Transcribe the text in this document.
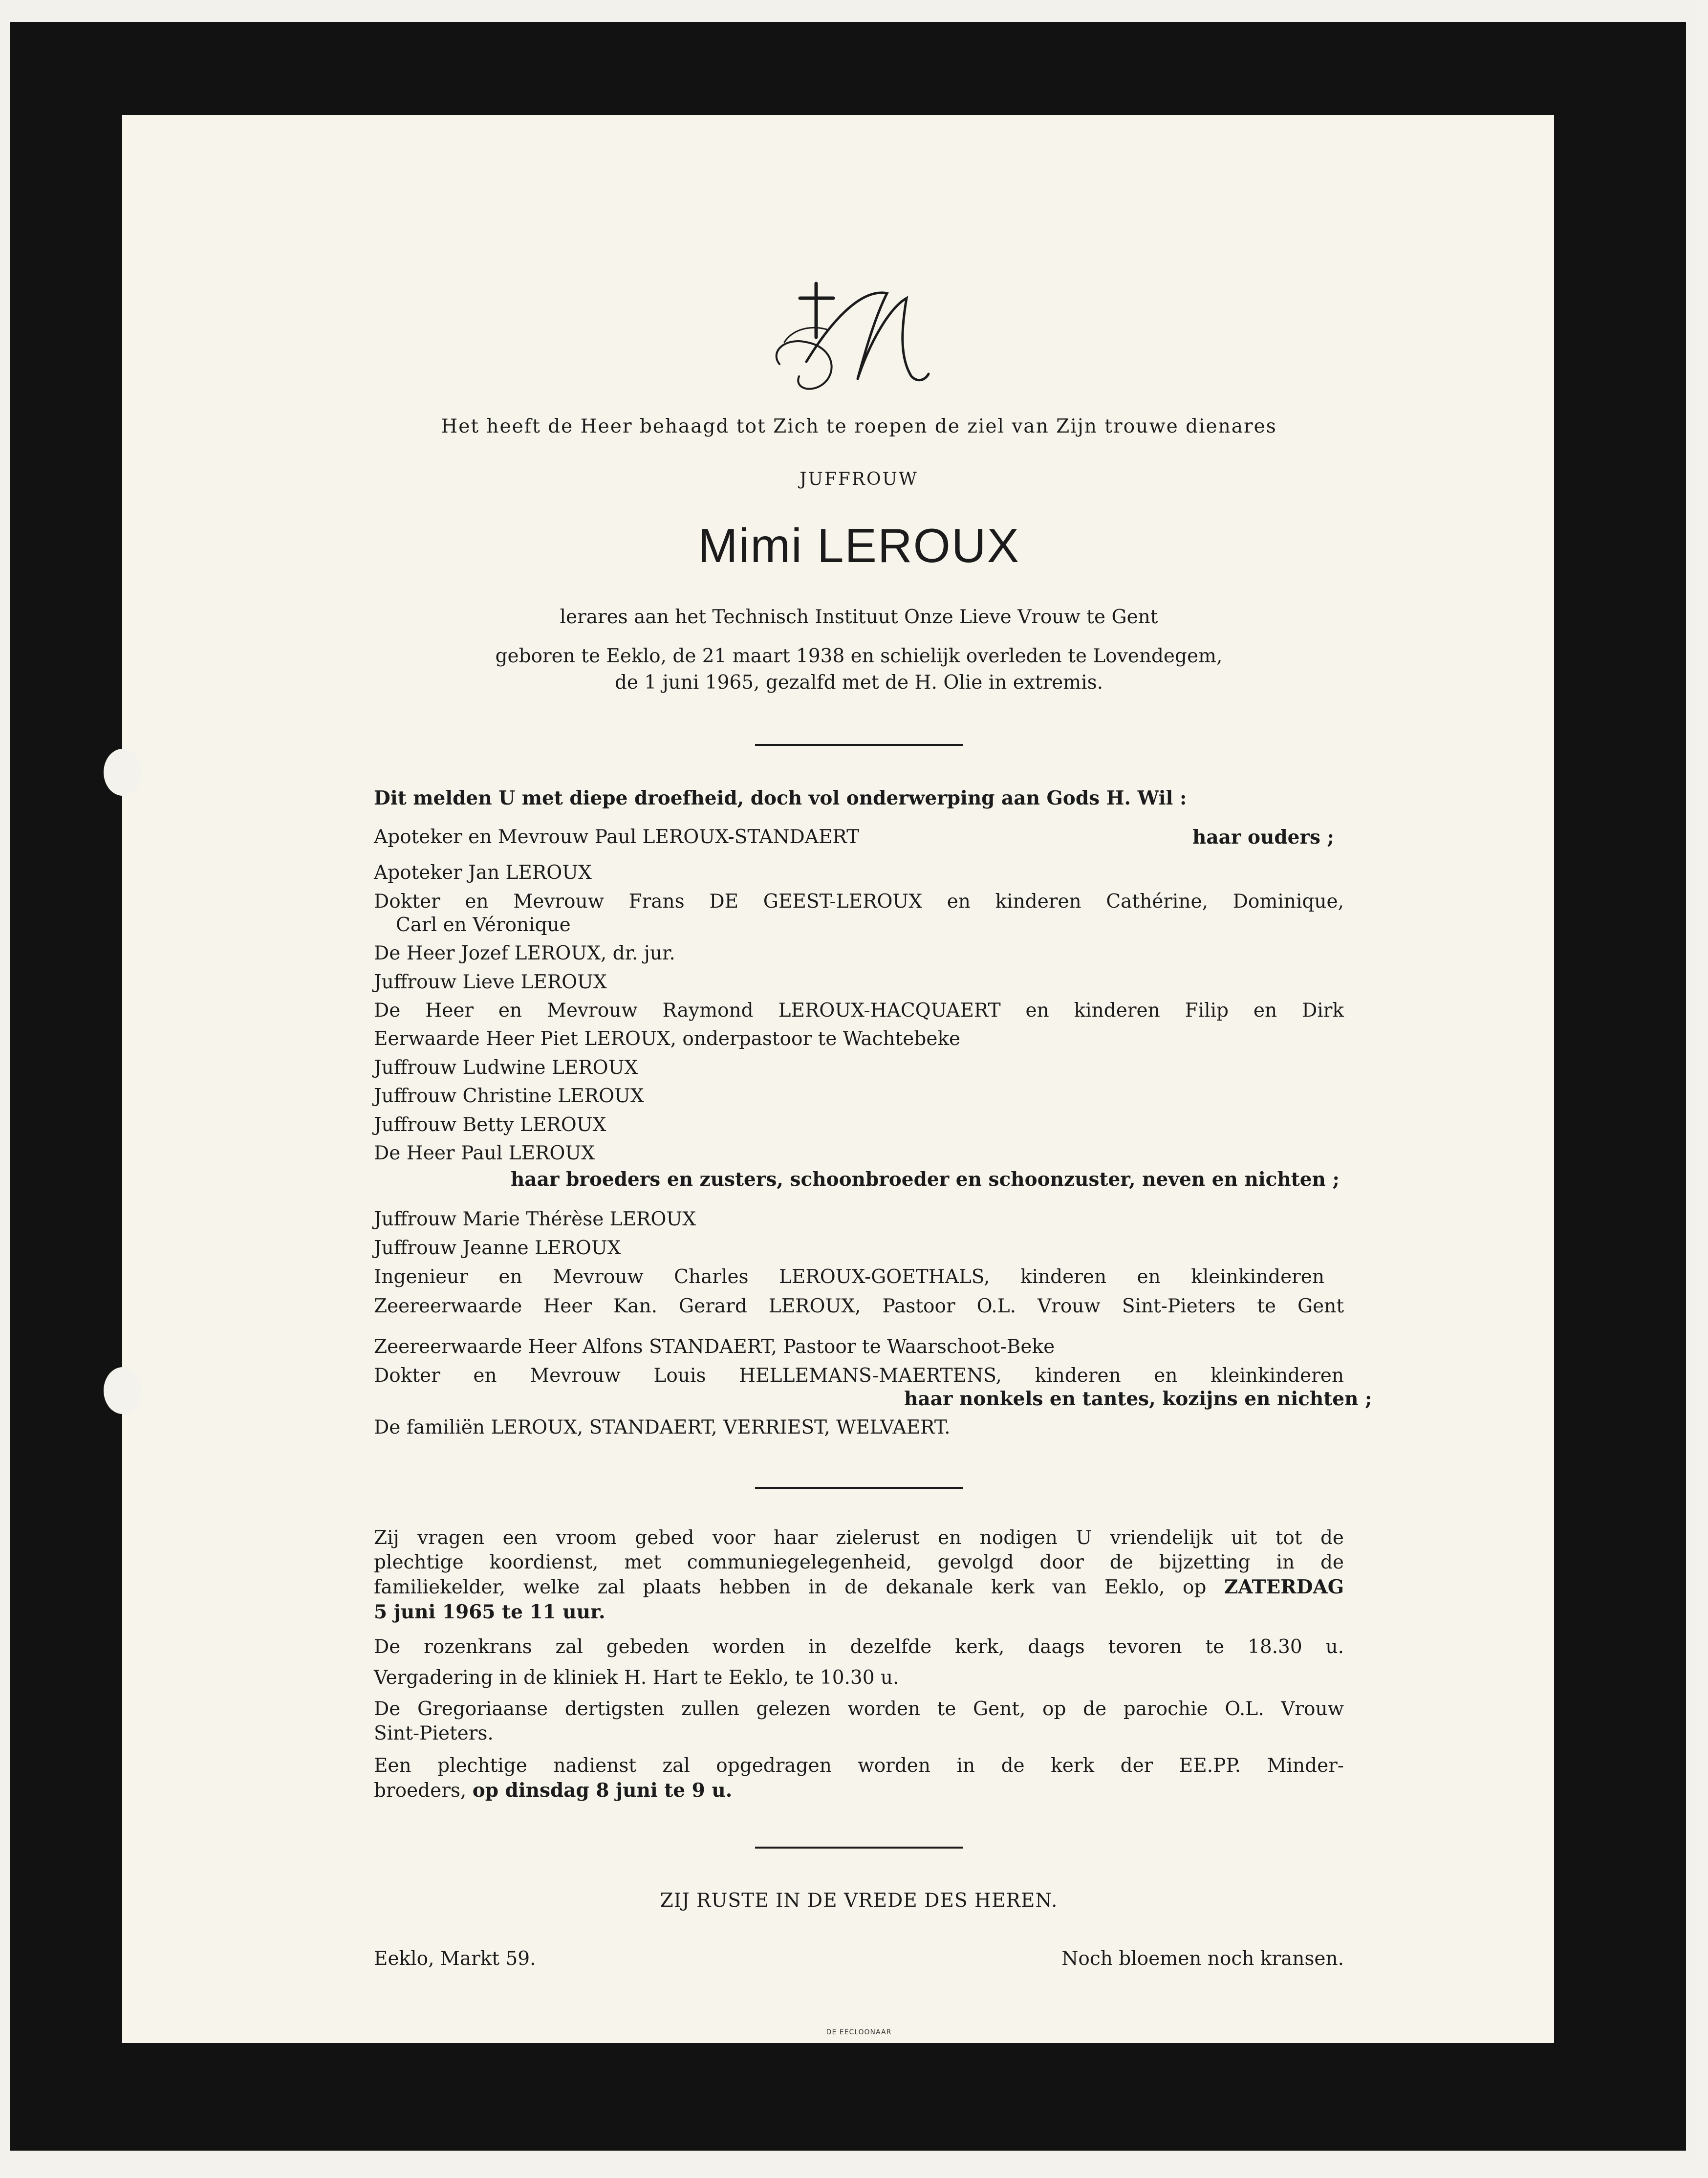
Het heeft de Heer behaagd tot Zich te roepen de ziel van Zijn trouwe dienares
JUFFROUW
Mimi LEROUX
lerares aan het Technisch Instituut Onze Lieve Vrouw te Gent
geboren te Eeklo, de 21 maart 1938 en schielijk overleden te Lovendegem,
de 1 juni 1965, gezalfd met de H. Olie in extremis.
Dit melden U met diepe droefheid, doch vol onderwerping aan Gods H. Wil :
Apoteker en Mevrouw Paul LEROUX-STANDAERT	haar ouders ;
Apoteker Jan LEROUX
Dokter en Mevrouw Frans DE GEEST-LEROUX en kinderen Cathérine, Dominique,
Carl en Véronique
De Heer Jozef LEROUX, dr. jur.
Juffrouw Lieve LEROUX
De Heer en Mevrouw Raymond LEROUX-HACQUAERT en kinderen Filip en Dirk
Eerwaarde Heer Piet LEROUX, onderpastoor te Wachtebeke
Juffrouw Ludwine LEROUX
Juffrouw Christine LEROUX
Juffrouw Betty LEROUX
De Heer Paul LEROUX
haar broeders en zusters, schoonbroeder en schoonzuster, neven en nichten ;
Juffrouw Marie Thérèse LEROUX
Juffrouw Jeanne LEROUX
Ingenieur en Mevrouw Charles LEROUX-GOETHALS, kinderen en kleinkinderen
Zeereerwaarde Heer Kan. Gerard LEROUX, Pastoor O.L. Vrouw Sint-Pieters te Gent
Zeereerwaarde Heer Alfons STANDAERT, Pastoor te Waarschoot-Beke
Dokter en Mevrouw Louis HELLEMANS-MAERTENS, kinderen en kleinkinderen
haar nonkels en tantes, kozijns en nichten ;
De familiën LEROUX, STANDAERT, VERRIEST, WELVAERT.
Zij vragen een vroom gebed voor haar zielerust en nodigen U vriendelijk uit tot de
plechtige koordienst, met communiegelegenheid, gevolgd door de bijzetting in de
familiekelder, welke zal plaats hebben in de dekanale kerk van Eeklo, op ZATERDAG
5 juni 1965 te 11 uur.
De rozenkrans zal gebeden worden in dezelfde kerk, daags tevoren te 18.30 u.
Vergadering in de kliniek H. Hart te Eeklo, te 10.30 u.
De Gregoriaanse dertigsten zullen gelezen worden te Gent, op de parochie O.L. Vrouw
Sint-Pieters.
Een plechtige nadienst zal opgedragen worden in de kerk der EE.PP. Minder-
broeders, op dinsdag 8 juni te 9 u.
ZIJ RUSTE IN DE VREDE DES HEREN.
Eeklo, Markt 59.	Noch bloemen noch kransen.
DE EECLOONAAR
